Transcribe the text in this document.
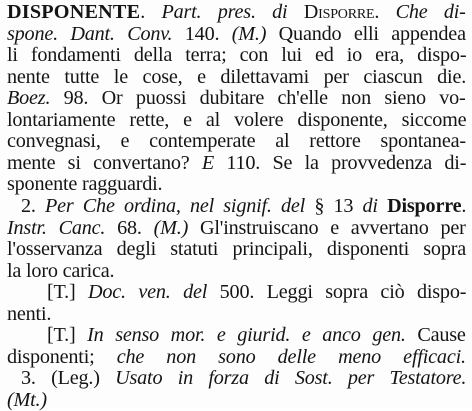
DISPONENTE. Part. pres. di Disporre. Che di-
spone. Dant. Conv. 140. (M.) Quando elli appendea
li fondamenti della terra; con lui ed io era, dispo-
nente tutte le cose, e dilettavami per ciascun die.
Boez. 98. Or puossi dubitare ch'elle non sieno vo-
lontariamente rette, e al volere disponente, siccome
convegnasi, e contemperate al rettore spontanea-
mente si convertano? E 110. Se la provvedenza di-
sponente ragguardi.
2. Per Che ordina, nel signif. del § 13 di Disporre.
Instr. Canc. 68. (M.) Gl'instruiscano e avvertano per
l'osservanza degli statuti principali, disponenti sopra
la loro carica.
[T.] Doc. ven. del 500. Leggi sopra ciò dispo-
nenti.
[T.] In senso mor. e giurid. e anco gen. Cause
disponenti; che non sono delle meno efficaci.
3. (Leg.) Usato in forza di Sost. per Testatore.
(Mt.)
